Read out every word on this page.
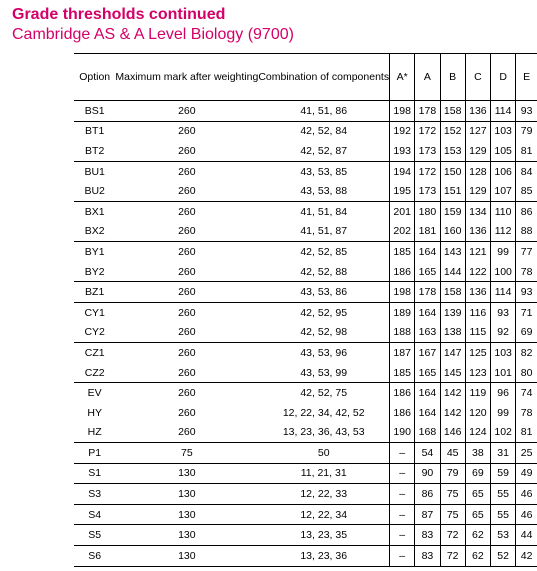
Grade thresholds continued
Cambridge AS & A Level Biology (9700)
Option	Maximum mark after weighting	Combination of components	A*	A	B	C	D	E
BS1	260	41, 51, 86	198	178	158	136	114	93
BT1	260	42, 52, 84	192	172	152	127	103	79
BT2	260	42, 52, 87	193	173	153	129	105	81
BU1	260	43, 53, 85	194	172	150	128	106	84
BU2	260	43, 53, 88	195	173	151	129	107	85
BX1	260	41, 51, 84	201	180	159	134	110	86
BX2	260	41, 51, 87	202	181	160	136	112	88
BY1	260	42, 52, 85	185	164	143	121	99	77
BY2	260	42, 52, 88	186	165	144	122	100	78
BZ1	260	43, 53, 86	198	178	158	136	114	93
CY1	260	42, 52, 95	189	164	139	116	93	71
CY2	260	42, 52, 98	188	163	138	115	92	69
CZ1	260	43, 53, 96	187	167	147	125	103	82
CZ2	260	43, 53, 99	185	165	145	123	101	80
EV	260	42, 52, 75	186	164	142	119	96	74
HY	260	12, 22, 34, 42, 52	186	164	142	120	99	78
HZ	260	13, 23, 36, 43, 53	190	168	146	124	102	81
P1	75	50	–	54	45	38	31	25
S1	130	11, 21, 31	–	90	79	69	59	49
S3	130	12, 22, 33	–	86	75	65	55	46
S4	130	12, 22, 34	–	87	75	65	55	46
S5	130	13, 23, 35	–	83	72	62	53	44
S6	130	13, 23, 36	–	83	72	62	52	42
